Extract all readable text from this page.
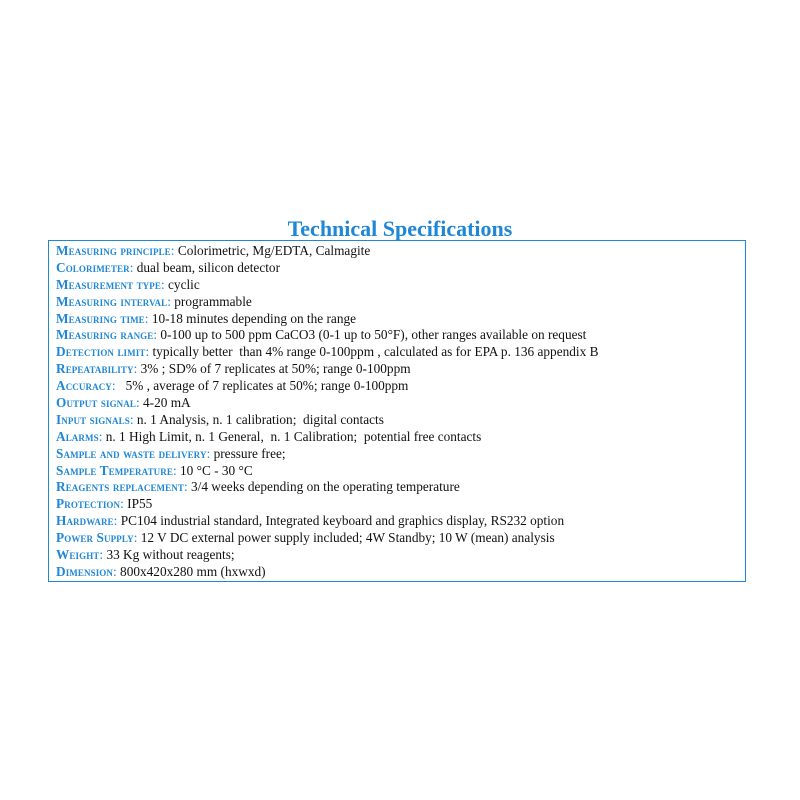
Technical Specifications
Measuring principle: Colorimetric, Mg/EDTA, Calmagite
Colorimeter: dual beam, silicon detector
Measurement type: cyclic
Measuring interval: programmable
Measuring time: 10-18 minutes depending on the range
Measuring range: 0-100 up to 500 ppm CaCO3 (0-1 up to 50°F), other ranges available on request
Detection limit: typically better  than 4% range 0-100ppm , calculated as for EPA p. 136 appendix B
Repeatability: 3% ; SD% of 7 replicates at 50%; range 0-100ppm
Accuracy:   5% , average of 7 replicates at 50%; range 0-100ppm
Output signal: 4-20 mA
Input signals: n. 1 Analysis, n. 1 calibration;  digital contacts
Alarms: n. 1 High Limit, n. 1 General,  n. 1 Calibration;  potential free contacts
Sample and waste delivery: pressure free;
Sample Temperature: 10 °C - 30 °C
Reagents replacement: 3/4 weeks depending on the operating temperature
Protection: IP55
Hardware: PC104 industrial standard, Integrated keyboard and graphics display, RS232 option
Power Supply: 12 V DC external power supply included; 4W Standby; 10 W (mean) analysis
Weight: 33 Kg without reagents;
Dimension: 800x420x280 mm (hxwxd)
